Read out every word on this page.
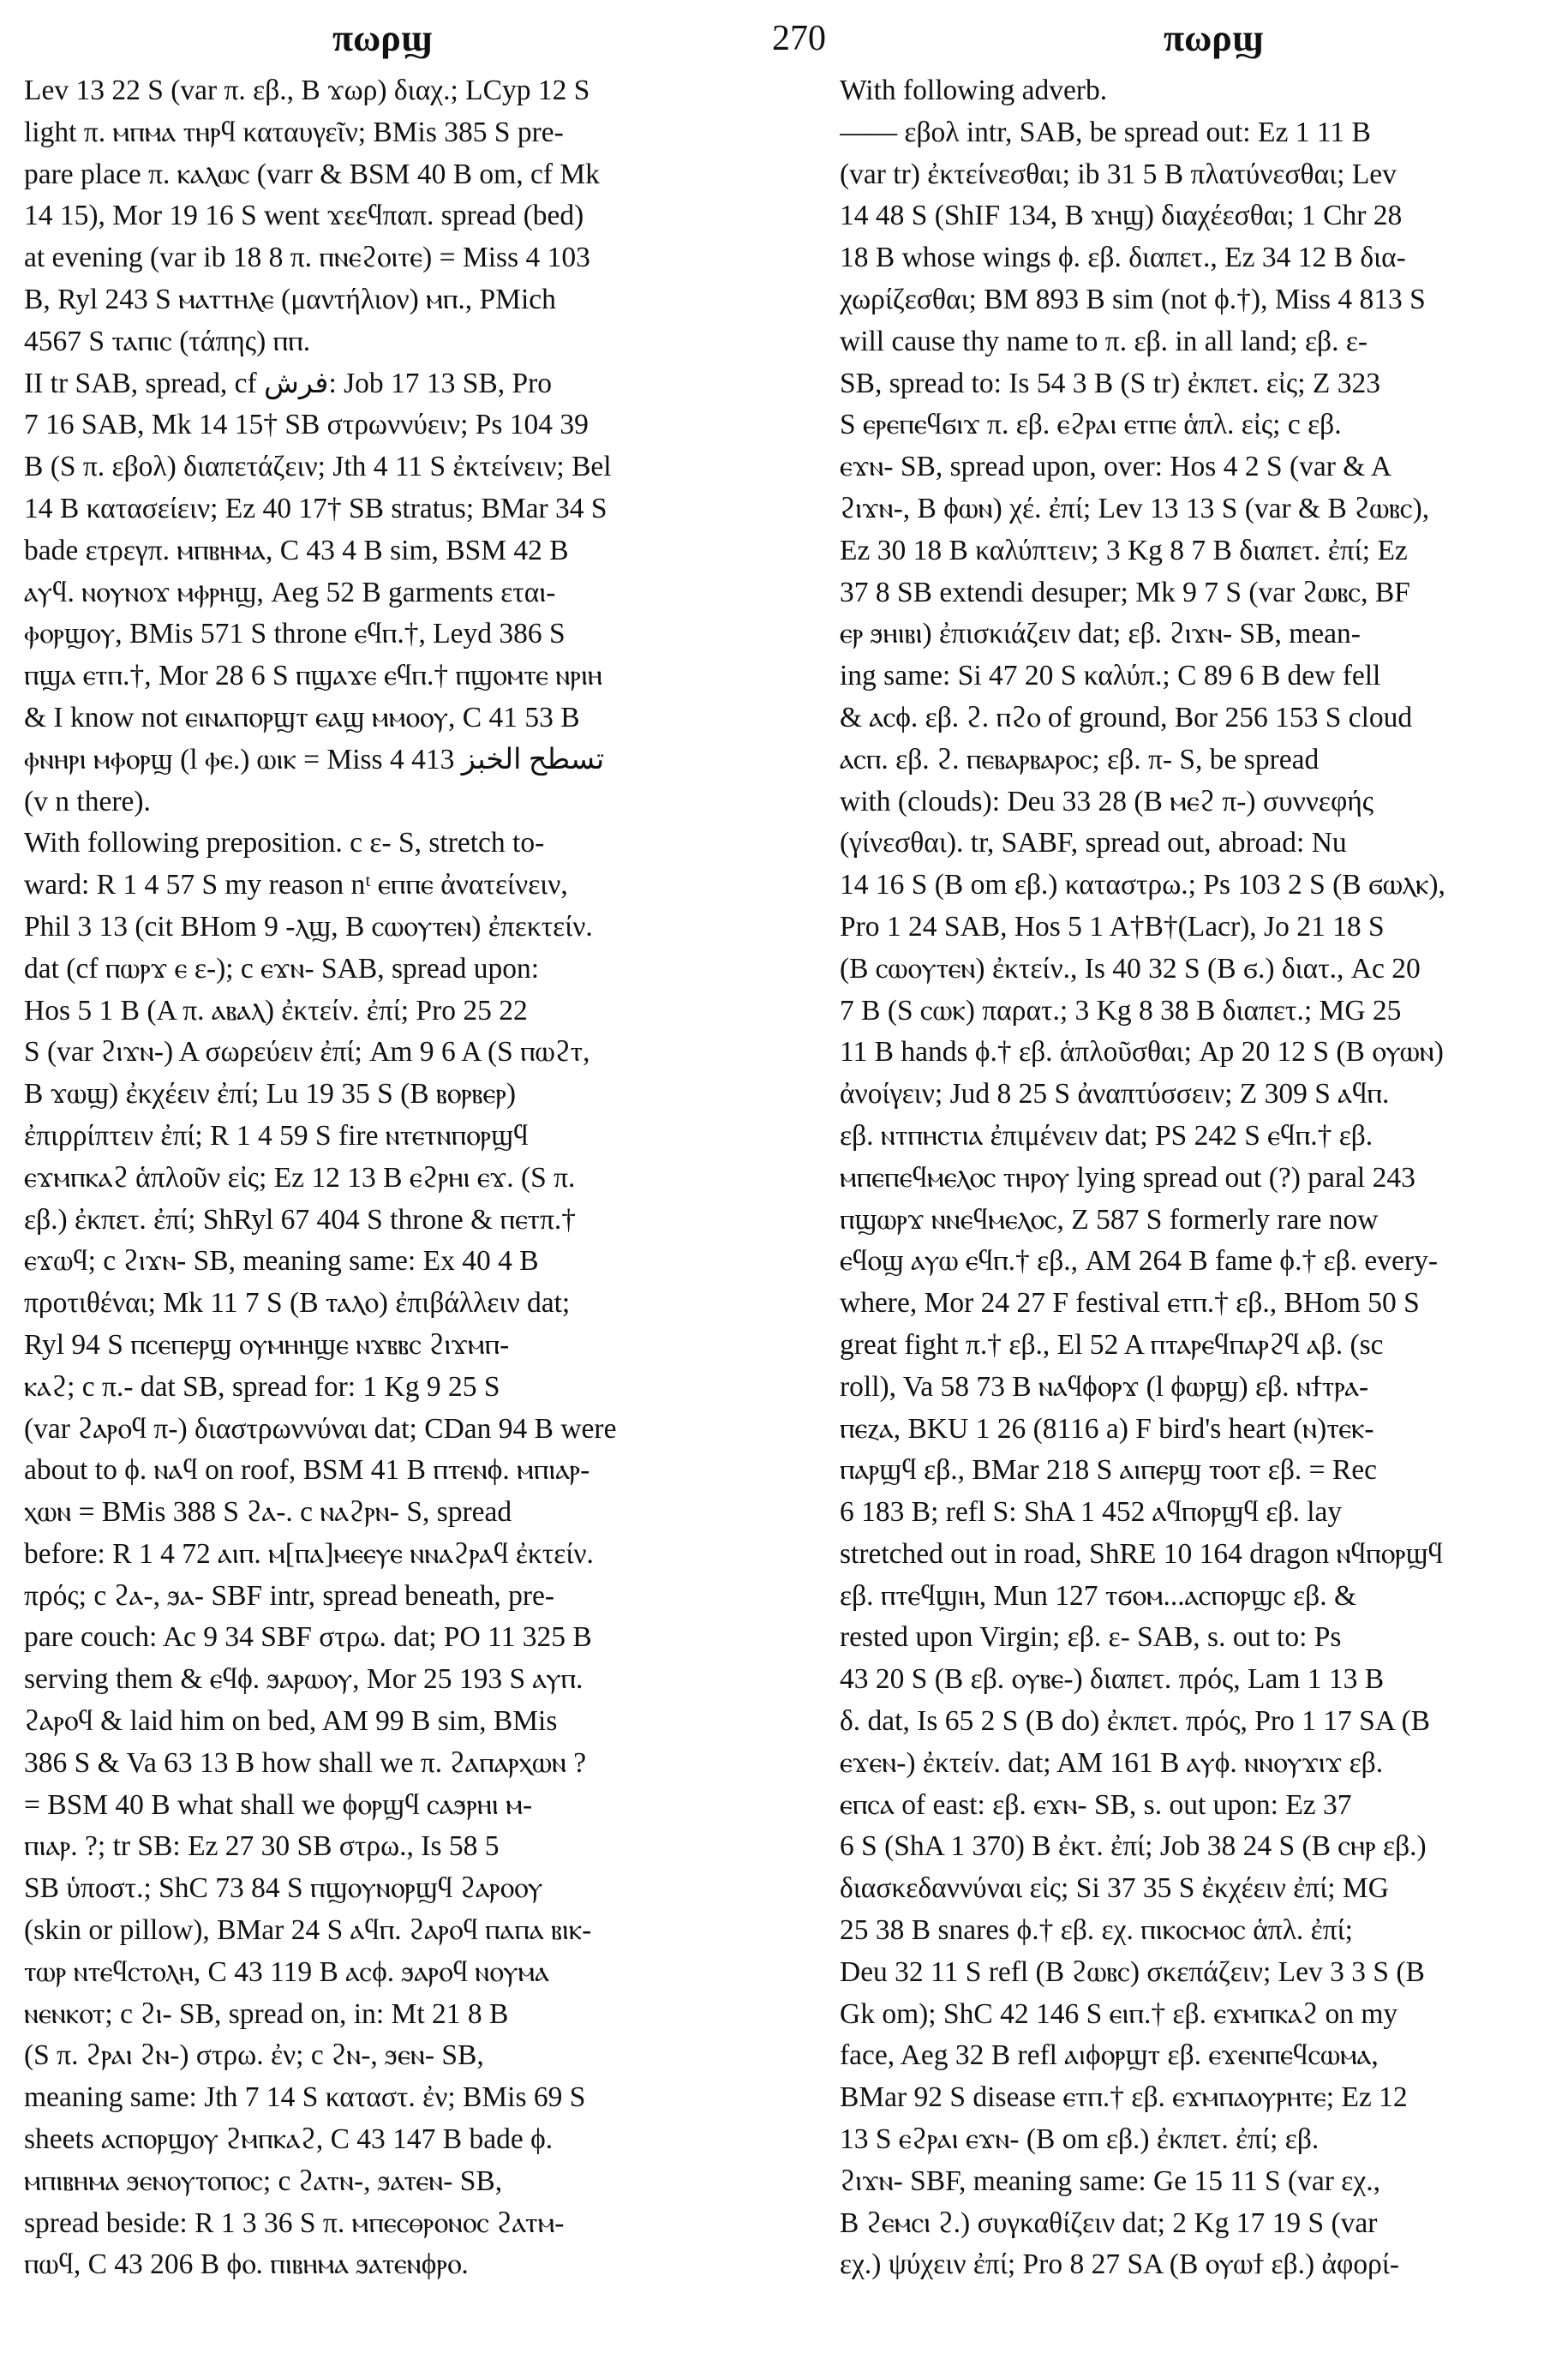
πωρϣ	270	πωρϣ
Lev 13 22 S (var π. εβ., B ϫωρ) διαχ.; LCyp 12 S
light π. ⲙⲡⲙⲁ ⲧⲏⲣϥ καταυγεῖν; BMis 385 S pre-
pare place π. ⲕⲁⲗⲱⲥ (varr & BSM 40 B om, cf Mk
14 15), Mor 19 16 S went ϫεεϥπαπ. spread (bed)
at evening (var ib 18 8 π. ⲡⲛⲉϩⲟⲓⲧⲉ) = Miss 4 103
B, Ryl 243 S ⲙⲁⲧⲧⲏⲗⲉ (μαντήλιον) ⲙⲡ., PMich
4567 S ⲧⲁⲡⲓⲥ (τάπης) ⲡⲡ.
II tr SAB, spread, cf فرش: Job 17 13 SB, Pro
7 16 SAB, Mk 14 15† SB στρωννύειν; Ps 104 39
B (S π. εβολ) διαπετάζειν; Jth 4 11 S ἐκτείνειν; Bel
14 B κατασείειν; Ez 40 17† SB stratus; BMar 34 S
bade ετρεγπ. ⲙⲡⲃⲏⲙⲁ, C 43 4 B sim, BSM 42 B
ⲁⲩϥ. ⲛⲟⲩⲛⲟϫ ⲙⲫⲣⲏϣ, Aeg 52 B garments εταⲓ-
ⲫⲟⲣϣⲟⲩ, BMis 571 S throne ⲉϥⲡ.†, Leyd 386 S
ⲡϣⲁ ⲉⲧⲡ.†, Mor 28 6 S ⲡϣⲁϫⲉ ⲉϥⲡ.† ⲡϣⲟⲙⲧⲉ ⲛⲣⲓⲏ
& I know not ⲉⲓⲛⲁⲡⲟⲣϣⲧ ⲉⲁϣ ⲙⲙⲟⲟⲩ, C 41 53 B
ⲫⲛⲏⲣⲓ ⲙⲫⲟⲣϣ (l ⲫⲉ.) ⲱⲓⲕ = Miss 4 413 تسطح الخبز
(v n there).
With following preposition. c ε- S, stretch to-
ward: R 1 4 57 S my reason nᵗ ⲉⲡⲡⲉ ἀνατείνειν,
Phil 3 13 (cit BHom 9 -ⲗϣ, B ⲥⲱⲟⲩⲧⲉⲛ) ἐπεκτείν.
dat (cf ⲡⲱⲣϫ ⲉ ε-); c ⲉϫⲛ- SAB, spread upon:
Hos 5 1 B (A π. ⲁⲃⲁⲗ) ἐκτείν. ἐπί; Pro 25 22
S (var ϩⲓϫⲛ-) A σωρεύειν ἐπί; Am 9 6 A (S ⲡⲱϩⲧ,
B ϫⲱϣ) ἐκχέειν ἐπί; Lu 19 35 S (B ⲃⲟⲣⲃⲉⲣ)
ἐπιρρίπτειν ἐπί; R 1 4 59 S fire ⲛⲧⲉⲧⲛⲡⲟⲣϣϥ
ⲉϫⲙⲡⲕⲁϩ ἁπλοῦν εἰς; Ez 12 13 B ⲉϩⲣⲏⲓ ⲉϫ. (S π.
εβ.) ἐκπετ. ἐπί; ShRyl 67 404 S throne & ⲡⲉⲧπ.†
ⲉϫⲱϥ; c ϩⲓϫⲛ- SB, meaning same: Ex 40 4 B
προτιθέναι; Mk 11 7 S (B ⲧⲁⲗⲟ) ἐπιβάλλειν dat;
Ryl 94 S ⲡⲥⲉⲡⲉⲣϣ ⲟⲩⲙⲏⲏϣⲉ ⲛϫⲃⲃⲥ ϩⲓϫⲙⲡ-
ⲕⲁϩ; c π.- dat SB, spread for: 1 Kg 9 25 S
(var ϩⲁⲣⲟϥ π-) διαστρωννύναι dat; CDan 94 B were
about to ϕ. ⲛⲁϥ on roof, BSM 41 B ⲡⲧⲉⲛϕ. ⲙⲡⲓⲁⲣ-
ⲭⲱⲛ = BMis 388 S ϩⲁ-. c ⲛⲁϩⲣⲛ- S, spread
before: R 1 4 72 ⲁⲓⲡ. ⲙ[ⲡⲁ]ⲙⲉⲉⲩⲉ ⲛⲛⲁϩⲣⲁϥ ἐκτείν.
πρός; c ϩⲁ-, ϧⲁ- SBF intr, spread beneath, pre-
pare couch: Ac 9 34 SBF στρω. dat; PO 11 325 B
serving them & ⲉϥϕ. ϧⲁⲣⲱⲟⲩ, Mor 25 193 S ⲁⲩⲡ.
ϩⲁⲣⲟϥ & laid him on bed, AM 99 B sim, BMis
386 S & Va 63 13 B how shall we π. ϩⲁⲡⲁⲣⲭⲱⲛ ?
= BSM 40 B what shall we ϕⲟⲣϣϥ ⲥⲁϧⲣⲏⲓ ⲙ-
ⲡⲓⲁⲣ. ?; tr SB: Ez 27 30 SB στρω., Is 58 5
SB ὑποστ.; ShC 73 84 S ⲡϣⲟⲩⲛⲟⲣϣϥ ϩⲁⲣⲟⲟⲩ
(skin or pillow), BMar 24 S ⲁϥⲡ. ϩⲁⲣⲟϥ ⲡⲁⲡⲁ ⲃⲓⲕ-
ⲧⲱⲣ ⲛⲧⲉϥⲥⲧⲟⲗⲏ, C 43 119 B ⲁⲥϕ. ϧⲁⲣⲟϥ ⲛⲟⲩⲙⲁ
ⲛⲉⲛⲕⲟⲧ; c ϩⲓ- SB, spread on, in: Mt 21 8 B
(S π. ϩⲣⲁⲓ ϩⲛ-) στρω. ἐν; c ϩⲛ-, ϧⲉⲛ- SB,
meaning same: Jth 7 14 S καταστ. ἐν; BMis 69 S
sheets ⲁⲥⲡⲟⲣϣⲟⲩ ϩⲙⲡⲕⲁϩ, C 43 147 B bade ϕ.
ⲙⲡⲓⲃⲏⲙⲁ ϧⲉⲛⲟⲩⲧⲟⲡⲟⲥ; c ϩⲁⲧⲛ-, ϧⲁⲧⲉⲛ- SB,
spread beside: R 1 3 36 S π. ⲙⲡⲉⲥⲑⲣⲟⲛⲟⲥ ϩⲁⲧⲙ-
ⲡⲱϥ, C 43 206 B ϕⲟ. ⲡⲓⲃⲏⲙⲁ ϧⲁⲧⲉⲛϕⲣⲟ.
With following adverb.
—— εβολ intr, SAB, be spread out: Ez 1 11 B
(var tr) ἐκτείνεσθαι; ib 31 5 B πλατύνεσθαι; Lev
14 48 S (ShIF 134, B ϫⲏϣ) διαχέεσθαι; 1 Chr 28
18 B whose wings ϕ. εβ. διαπετ., Ez 34 12 B δια-
χωρίζεσθαι; BM 893 B sim (not ϕ.†), Miss 4 813 S
will cause thy name to π. εβ. in all land; εβ. ε-
SB, spread to: Is 54 3 B (S tr) ἐκπετ. εἰς; Z 323
S ⲉⲣⲉⲡⲉϥϭⲓϫ π. εβ. ⲉϩⲣⲁⲓ ⲉⲧⲡⲉ ἁπλ. εἰς; c εβ.
ⲉϫⲛ- SB, spread upon, over: Hos 4 2 S (var & A
ϩⲓϫⲛ-, B ϕⲱⲛ) χέ. ἐπί; Lev 13 13 S (var & B ϩⲱⲃⲥ),
Ez 30 18 B καλύπτειν; 3 Kg 8 7 B διαπετ. ἐπί; Ez
37 8 SB extendi desuper; Mk 9 7 S (var ϩⲱⲃⲥ, BF
ⲉⲣ ϧⲏⲓⲃⲓ) ἐπισκιάζειν dat; εβ. ϩⲓϫⲛ- SB, mean-
ing same: Si 47 20 S καλύπ.; C 89 6 B dew fell
& ⲁⲥϕ. εβ. ϩ. ⲡϩⲟ of ground, Bor 256 153 S cloud
ⲁⲥⲡ. εβ. ϩ. ⲡⲉⲃⲁⲣⲃⲁⲣⲟⲥ; εβ. π- S, be spread
with (clouds): Deu 33 28 (B ⲙⲉϩ π-) συννεφής
(γίνεσθαι). tr, SABF, spread out, abroad: Nu
14 16 S (B om εβ.) καταστρω.; Ps 103 2 S (B ϭⲱⲗⲕ),
Pro 1 24 SAB, Hos 5 1 A†B†(Lacr), Jo 21 18 S
(B ⲥⲱⲟⲩⲧⲉⲛ) ἐκτείν., Is 40 32 S (B ϭ.) διατ., Ac 20
7 B (S ⲥⲱⲕ) παρατ.; 3 Kg 8 38 B διαπετ.; MG 25
11 B hands ϕ.† εβ. ἁπλοῦσθαι; Ap 20 12 S (B ⲟⲩⲱⲛ)
ἀνοίγειν; Jud 8 25 S ἀναπτύσσειν; Z 309 S ⲁϥⲡ.
εβ. ⲛⲧⲡⲏⲥⲧⲓⲁ ἐπιμένειν dat; PS 242 S ⲉϥⲡ.† εβ.
ⲙⲡⲉⲡⲉϥⲙⲉⲗⲟⲥ ⲧⲏⲣⲟⲩ lying spread out (?) paral 243
ⲡϣⲱⲣϫ ⲛⲛⲉϥⲙⲉⲗⲟⲥ, Z 587 S formerly rare now
ⲉϥⲟϣ ⲁⲩⲱ ⲉϥⲡ.† εβ., AM 264 B fame ϕ.† εβ. every-
where, Mor 24 27 F festival ⲉⲧⲡ.† εβ., BHom 50 S
great fight π.† εβ., El 52 A ⲡⲧⲁⲣⲉϥⲡⲁⲣϩϥ ⲁβ. (sc
roll), Va 58 73 B ⲛⲁϥϕⲟⲣϫ (l ϕⲱⲣϣ) εβ. ⲛϯⲧⲣⲁ-
ⲡⲉⲍⲁ, BKU 1 26 (8116 a) F bird's heart (ⲛ)ⲧⲉⲕ-
ⲡⲁⲣϣϥ εβ., BMar 218 S ⲁⲓⲡⲉⲣϣ ⲧⲟⲟⲧ εβ. = Rec
6 183 B; refl S: ShA 1 452 ⲁϥⲡⲟⲣϣϥ εβ. lay
stretched out in road, ShRE 10 164 dragon ⲛϥⲡⲟⲣϣϥ
εβ. ⲡⲧⲉϥϣⲓⲏ, Mun 127 ⲧϭⲟⲙ...ⲁⲥⲡⲟⲣϣⲥ εβ. &
rested upon Virgin; εβ. ε- SAB, s. out to: Ps
43 20 S (B εβ. ⲟⲩⲃⲉ-) διαπετ. πρός, Lam 1 13 B
δ. dat, Is 65 2 S (B do) ἐκπετ. πρός, Pro 1 17 SA (B
ⲉϫⲉⲛ-) ἐκτείν. dat; AM 161 B ⲁⲩϕ. ⲛⲛⲟⲩϫⲓϫ εβ.
ⲉⲡⲥⲁ of east: εβ. ⲉϫⲛ- SB, s. out upon: Ez 37
6 S (ShA 1 370) B ἐκτ. ἐπί; Job 38 24 S (B ⲥⲏⲣ εβ.)
διασκεδαννύναι εἰς; Si 37 35 S ἐκχέειν ἐπί; MG
25 38 B snares ϕ.† εβ. εχ. ⲡⲓⲕⲟⲥⲙⲟⲥ ἁπλ. ἐπί;
Deu 32 11 S refl (B ϩⲱⲃⲥ) σκεπάζειν; Lev 3 3 S (B
Gk om); ShC 42 146 S ⲉⲓⲡ.† εβ. ⲉϫⲙⲡⲕⲁϩ on my
face, Aeg 32 B refl ⲁⲓϕⲟⲣϣⲧ εβ. ⲉϫⲉⲛⲡⲉϥⲥⲱⲙⲁ,
BMar 92 S disease ⲉⲧⲡ.† εβ. ⲉϫⲙⲡⲁⲟⲩⲣⲏⲧⲉ; Ez 12
13 S ⲉϩⲣⲁⲓ ⲉϫⲛ- (B om εβ.) ἐκπετ. ἐπί; εβ.
ϩⲓϫⲛ- SBF, meaning same: Ge 15 11 S (var εχ.,
B ϩⲉⲙⲥⲓ ϩ.) συγκαθίζειν dat; 2 Kg 17 19 S (var
εχ.) ψύχειν ἐπί; Pro 8 27 SA (B ⲟⲩⲱϯ εβ.) ἀφορί-
